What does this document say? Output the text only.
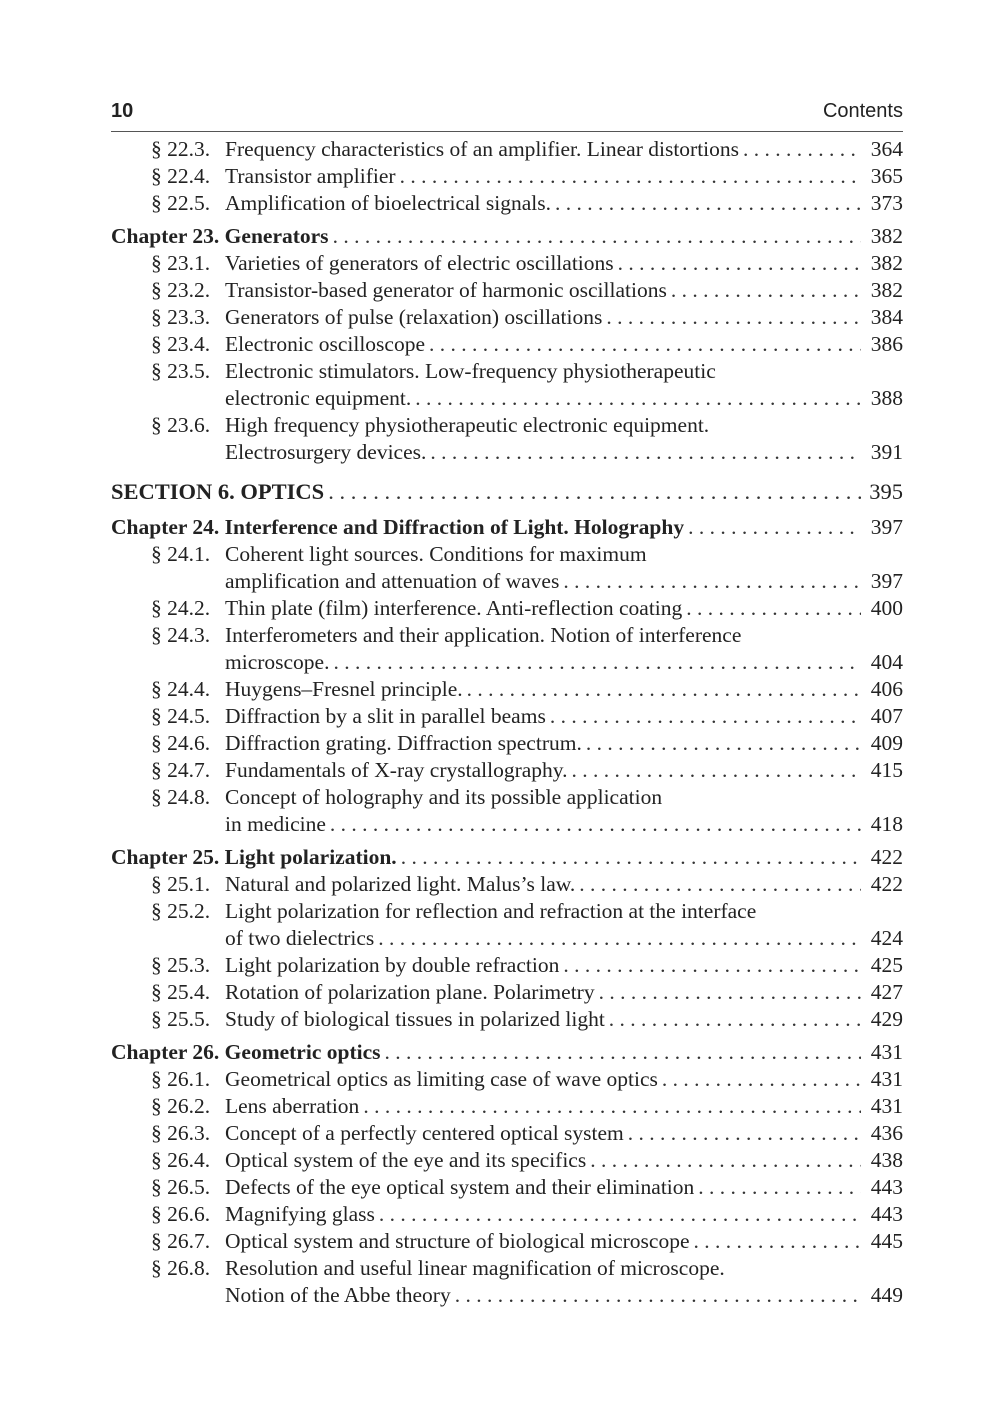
10	Contents
§ 22.3. Frequency characteristics of an amplifier. Linear distortions . . .	364
§ 22.4. Transistor amplifier . . .	365
§ 22.5. Amplification of bioelectrical signals. . . .	373
Chapter 23. Generators . . .	382
§ 23.1. Varieties of generators of electric oscillations . . .	382
§ 23.2. Transistor-based generator of harmonic oscillations . . .	382
§ 23.3. Generators of pulse (relaxation) oscillations . . .	384
§ 23.4. Electronic oscilloscope . . .	386
§ 23.5. Electronic stimulators. Low-frequency physiotherapeutic
electronic equipment. . . .	388
§ 23.6. High frequency physiotherapeutic electronic equipment.
Electrosurgery devices. . . .	391
SECTION 6. OPTICS . . .	395
Chapter 24. Interference and Diffraction of Light. Holography . . .	397
§ 24.1. Coherent light sources. Conditions for maximum
amplification and attenuation of waves . . .	397
§ 24.2. Thin plate (film) interference. Anti-reflection coating . . .	400
§ 24.3. Interferometers and their application. Notion of interference
microscope. . . .	404
§ 24.4. Huygens–Fresnel principle. . . .	406
§ 24.5. Diffraction by a slit in parallel beams . . .	407
§ 24.6. Diffraction grating. Diffraction spectrum. . . .	409
§ 24.7. Fundamentals of X-ray crystallography. . . .	415
§ 24.8. Concept of holography and its possible application
in medicine . . .	418
Chapter 25. Light polarization. . . .	422
§ 25.1. Natural and polarized light. Malus’s law. . . .	422
§ 25.2. Light polarization for reflection and refraction at the interface
of two dielectrics . . .	424
§ 25.3. Light polarization by double refraction . . .	425
§ 25.4. Rotation of polarization plane. Polarimetry . . .	427
§ 25.5. Study of biological tissues in polarized light . . .	429
Chapter 26. Geometric optics . . .	431
§ 26.1. Geometrical optics as limiting case of wave optics . . .	431
§ 26.2. Lens aberration . . .	431
§ 26.3. Concept of a perfectly centered optical system . . .	436
§ 26.4. Optical system of the eye and its specifics . . .	438
§ 26.5. Defects of the eye optical system and their elimination . . .	443
§ 26.6. Magnifying glass . . .	443
§ 26.7. Optical system and structure of biological microscope . . .	445
§ 26.8. Resolution and useful linear magnification of microscope.
Notion of the Abbe theory . . .	449
